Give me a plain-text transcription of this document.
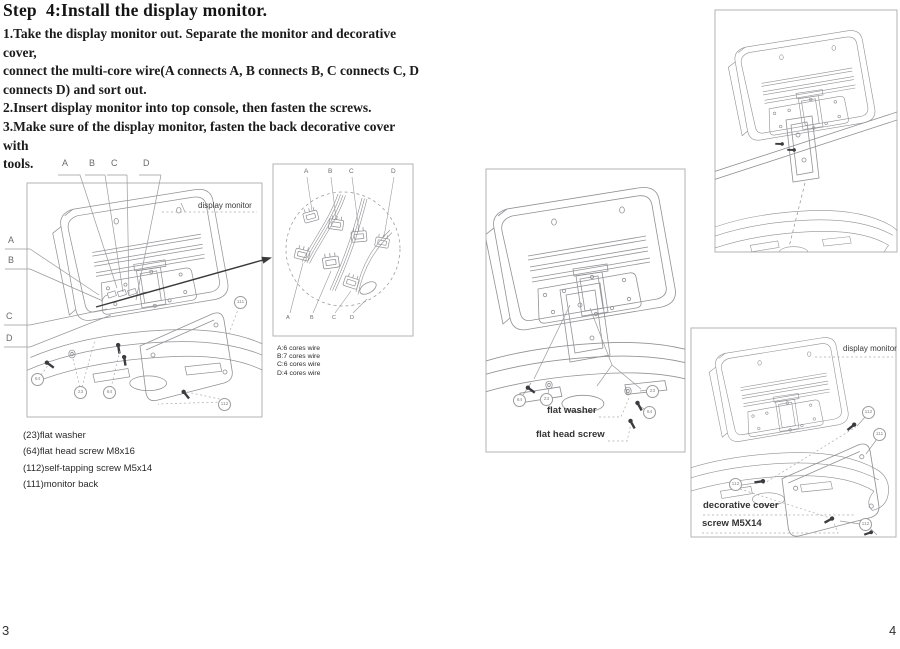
Step  4:Install the display monitor.
1.Take the display monitor out. Separate the monitor and decorative cover,
connect the multi-core wire(A connects A, B connects B, C connects C, D
connects D) and sort out.
2.Insert display monitor into top console, then fasten the screws.
3.Make sure of the display monitor, fasten the back decorative cover with
tools.
(23)flat washer
(64)flat head screw M8x16
(112)self-tapping screw M5x14
(111)monitor back
A:6 cores wire
B:7 cores wire
C:6 cores wire
D:4 cores wire
A B C	D
A
B
C
D
A	B	C	D
A	B	C	D
display monitor
flat washer
flat head screw
display monitor
decorative cover
screw M5X14
111
64
23	64
112
64	23
23
64	112
111
112
112
3	4
